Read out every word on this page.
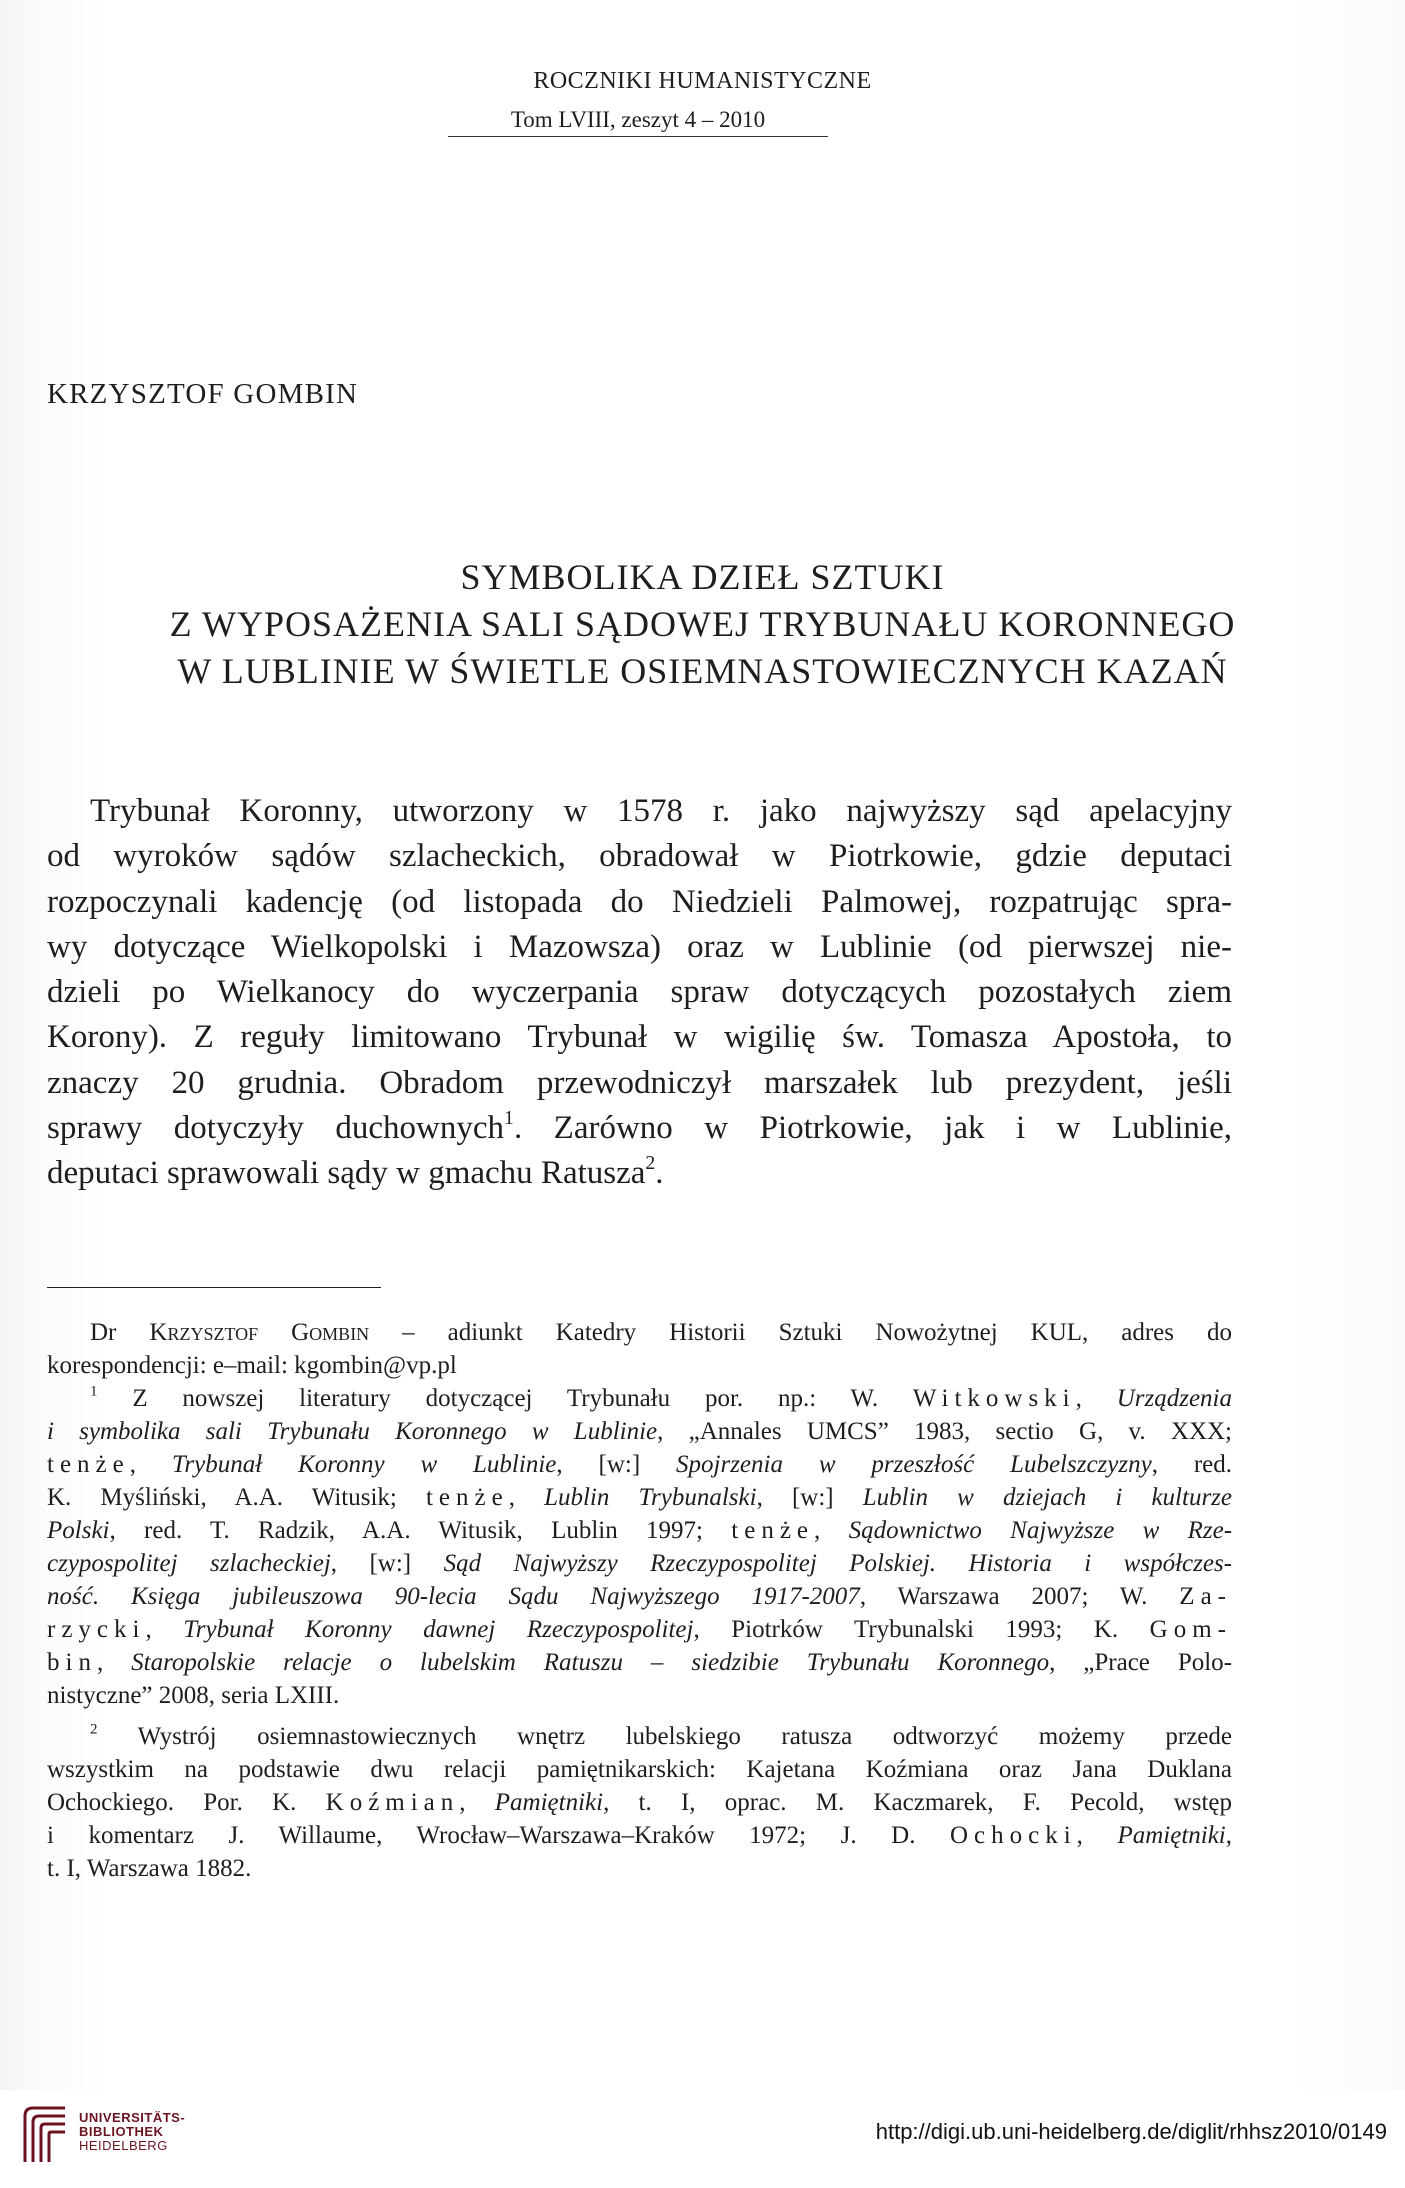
ROCZNIKI HUMANISTYCZNE
Tom LVIII, zeszyt 4 – 2010
KRZYSZTOF GOMBIN
SYMBOLIKA DZIEŁ SZTUKI
Z WYPOSAŻENIA SALI SĄDOWEJ TRYBUNAŁU KORONNEGO
W LUBLINIE W ŚWIETLE OSIEMNASTOWIECZNYCH KAZAŃ
Trybunał Koronny, utworzony w 1578 r. jako najwyższy sąd apelacyjny
od wyroków sądów szlacheckich, obradował w Piotrkowie, gdzie deputaci
rozpoczynali kadencję (od listopada do Niedzieli Palmowej, rozpatrując spra-
wy dotyczące Wielkopolski i Mazowsza) oraz w Lublinie (od pierwszej nie-
dzieli po Wielkanocy do wyczerpania spraw dotyczących pozostałych ziem
Korony). Z reguły limitowano Trybunał w wigilię św. Tomasza Apostoła, to
znaczy 20 grudnia. Obradom przewodniczył marszałek lub prezydent, jeśli
sprawy dotyczyły duchownych$^1$. Zarówno w Piotrkowie, jak i w Lublinie,
deputaci sprawowali sądy w gmachu Ratusza$^2$.
Dr Krzysztof Gombin – adiunkt Katedry Historii Sztuki Nowożytnej KUL, adres do
korespondencji: e–mail: kgombin@vp.pl
$^1$ Z nowszej literatury dotyczącej Trybunału por. np.: W. Witkowski, Urządzenia
i symbolika sali Trybunału Koronnego w Lublinie, „Annales UMCS” 1983, sectio G, v. XXX;
tenże, Trybunał Koronny w Lublinie, [w:] Spojrzenia w przeszłość Lubelszczyzny, red.
K. Myśliński, A.A. Witusik; tenże, Lublin Trybunalski, [w:] Lublin w dziejach i kulturze
Polski, red. T. Radzik, A.A. Witusik, Lublin 1997; tenże, Sądownictwo Najwyższe w Rze-
czypospolitej szlacheckiej, [w:] Sąd Najwyższy Rzeczypospolitej Polskiej. Historia i współczes-
ność. Księga jubileuszowa 90-lecia Sądu Najwyższego 1917-2007, Warszawa 2007; W. Za-
rzycki, Trybunał Koronny dawnej Rzeczypospolitej, Piotrków Trybunalski 1993; K. Gom-
bin, Staropolskie relacje o lubelskim Ratuszu – siedzibie Trybunału Koronnego, „Prace Polo-
nistyczne” 2008, seria LXIII.
$^2$ Wystrój osiemnastowiecznych wnętrz lubelskiego ratusza odtworzyć możemy przede
wszystkim na podstawie dwu relacji pamiętnikarskich: Kajetana Koźmiana oraz Jana Duklana
Ochockiego. Por. K. Koźmian, Pamiętniki, t. I, oprac. M. Kaczmarek, F. Pecold, wstęp
i komentarz J. Willaume, Wrocław–Warszawa–Kraków 1972; J. D. Ochocki, Pamiętniki,
t. I, Warszawa 1882.
UNIVERSITÄTS-
BIBLIOTHEK
HEIDELBERG
http://digi.ub.uni-heidelberg.de/diglit/rhhsz2010/0149
